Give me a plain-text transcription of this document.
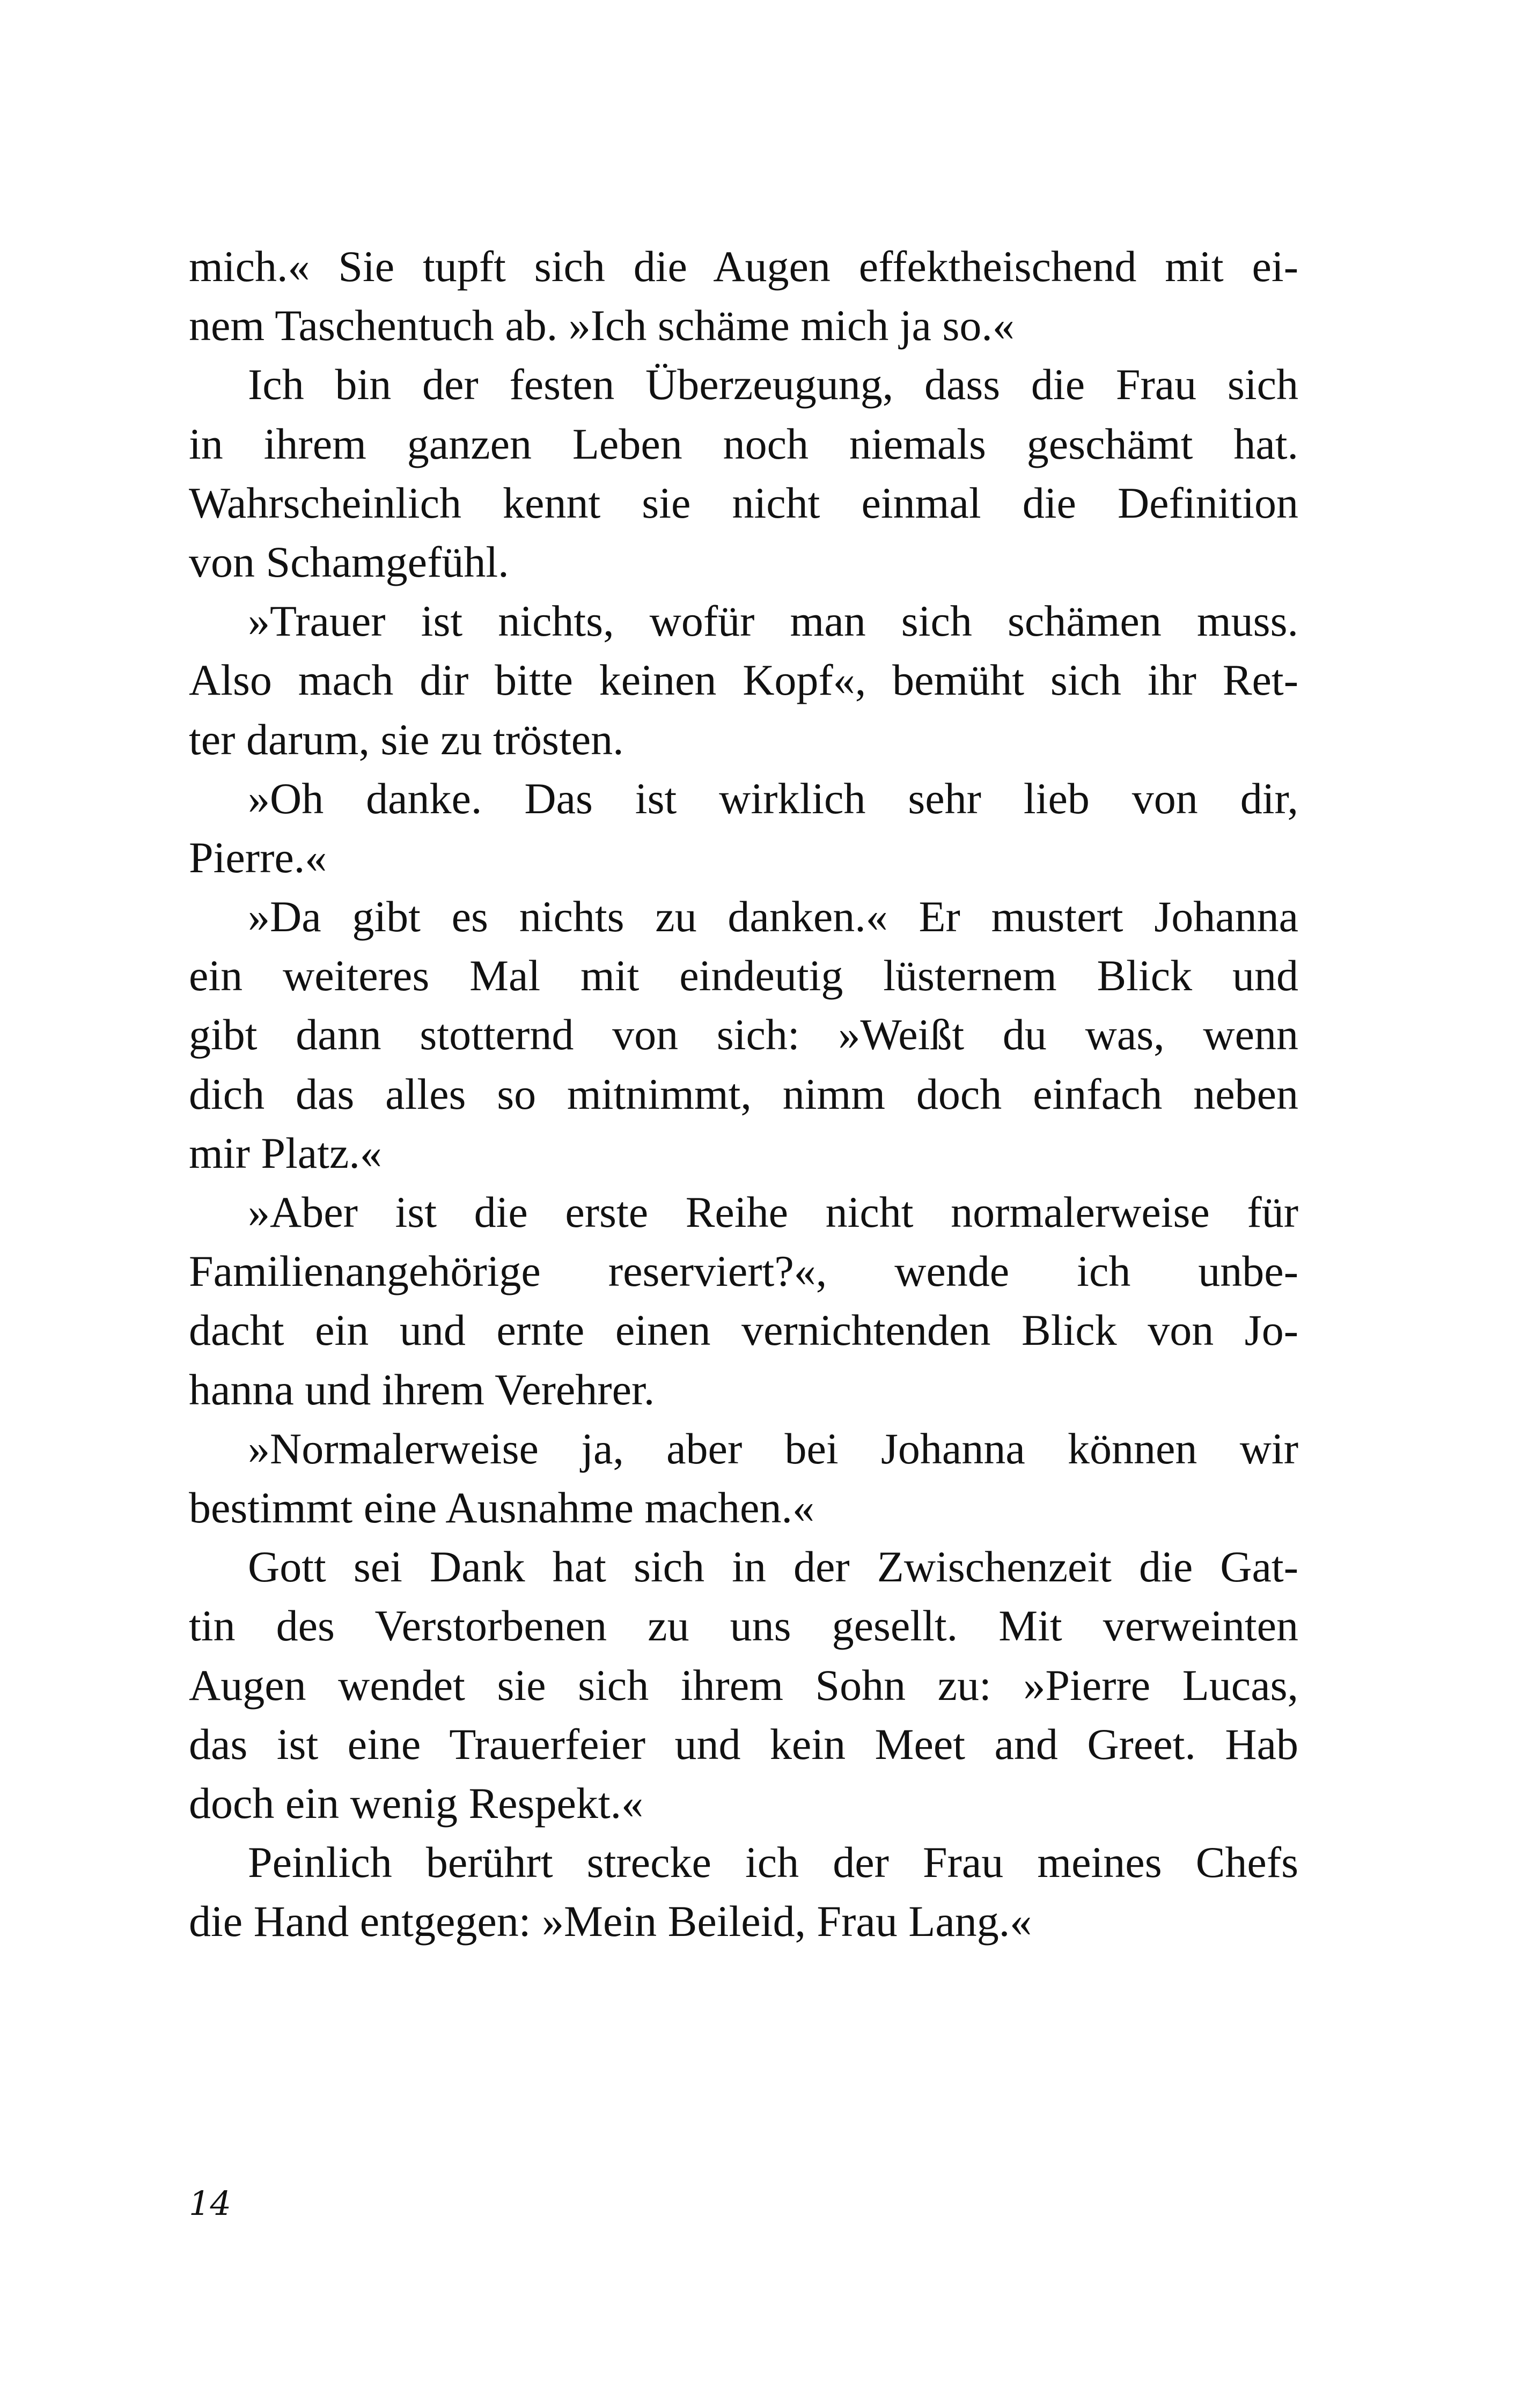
mich.« Sie tupft sich die Augen effektheischend mit ei-
nem Taschentuch ab. »Ich schäme mich ja so.«
Ich bin der festen Überzeugung, dass die Frau sich
in ihrem ganzen Leben noch niemals geschämt hat.
Wahrscheinlich kennt sie nicht einmal die Definition
von Schamgefühl.
»Trauer ist nichts, wofür man sich schämen muss.
Also mach dir bitte keinen Kopf«, bemüht sich ihr Ret-
ter darum, sie zu trösten.
»Oh danke. Das ist wirklich sehr lieb von dir,
Pierre.«
»Da gibt es nichts zu danken.« Er mustert Johanna
ein weiteres Mal mit eindeutig lüsternem Blick und
gibt dann stotternd von sich: »Weißt du was, wenn
dich das alles so mitnimmt, nimm doch einfach neben
mir Platz.«
»Aber ist die erste Reihe nicht normalerweise für
Familienangehörige reserviert?«, wende ich unbe-
dacht ein und ernte einen vernichtenden Blick von Jo-
hanna und ihrem Verehrer.
»Normalerweise ja, aber bei Johanna können wir
bestimmt eine Ausnahme machen.«
Gott sei Dank hat sich in der Zwischenzeit die Gat-
tin des Verstorbenen zu uns gesellt. Mit verweinten
Augen wendet sie sich ihrem Sohn zu: »Pierre Lucas,
das ist eine Trauerfeier und kein Meet and Greet. Hab
doch ein wenig Respekt.«
Peinlich berührt strecke ich der Frau meines Chefs
die Hand entgegen: »Mein Beileid, Frau Lang.«
14
